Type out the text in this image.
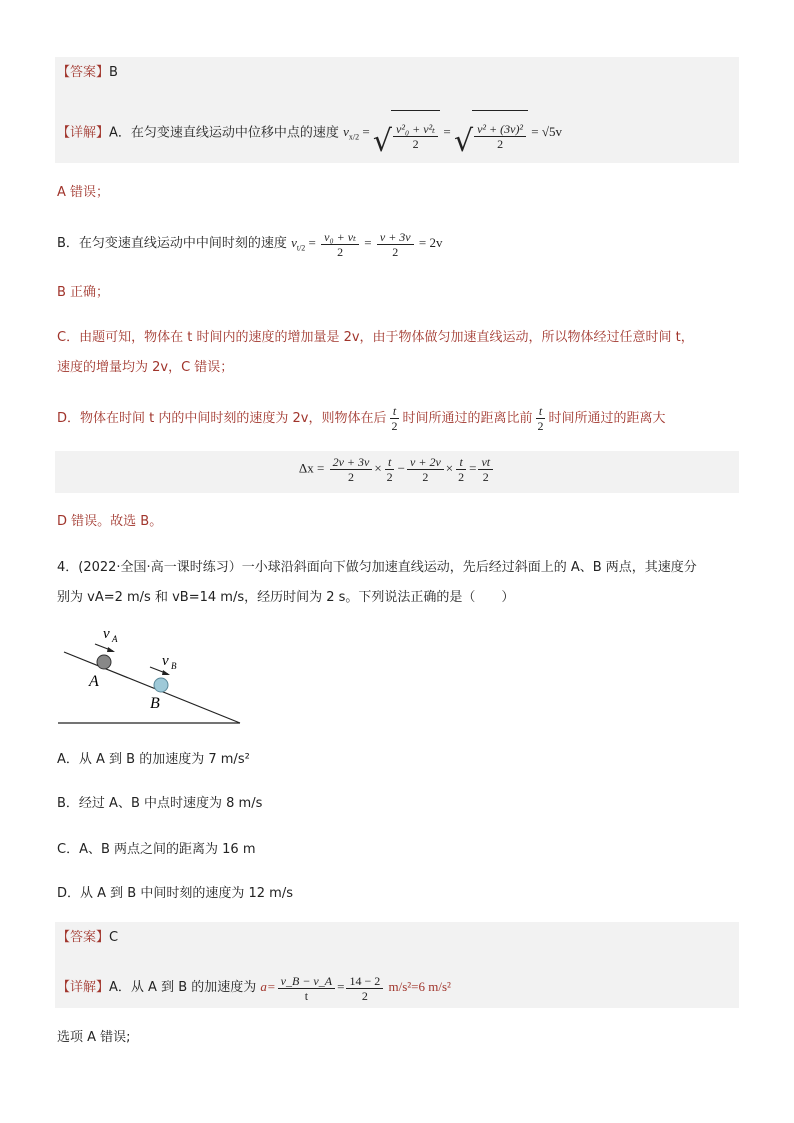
【答案】B
【详解】A．在匀变速直线运动中位移中点的速度 $v_{x/2}$ = √ $\frac{\text{v²₀ + v²ₜ}}{2}$ = √ $\frac{\text{v² + (3v)²}}{2} = √5v$
A 错误；
B．在匀变速直线运动中中间时刻的速度 $v_{t/2} = \frac{\text{v₀ + vₜ}}{2} = \frac{v + 3v}{2} = 2v$
B 正确；
C．由题可知，物体在 t 时间内的速度的增加量是 2v，由于物体做匀加速直线运动，所以物体经过任意时间 t，
速度的增量均为 2v，C 错误；
D．物体在时间 t 内的中间时刻的速度为 2v，则物体在后 $\frac{t}{2}$ 时间所通过的距离比前 $\frac{t}{2}$ 时间所通过的距离大
$\Delta x = \frac{2v + 3v}{2} \times \frac{t}{2} - \frac{v + 2v}{2} \times \frac{t}{2} = \frac{vt}{2}$
D 错误。故选 B。
4．(2022·全国·高一课时练习）一小球沿斜面向下做匀加速直线运动，先后经过斜面上的 A、B 两点，其速度分
别为 vA=2 m/s 和 vB=14 m/s，经历时间为 2 s。下列说法正确的是（　　）
v A
v B
A
B
A．从 A 到 B 的加速度为 7 m/s²
B．经过 A、B 中点时速度为 8 m/s
C．A、B 两点之间的距离为 16 m
D．从 A 到 B 中间时刻的速度为 12 m/s
【答案】C
【详解】A．从 A 到 B 的加速度为 $a= \frac{v\_B - v\_A}{t} = \frac{14 - 2}{2} m/s^2=6$ m/s²
选项 A 错误;
